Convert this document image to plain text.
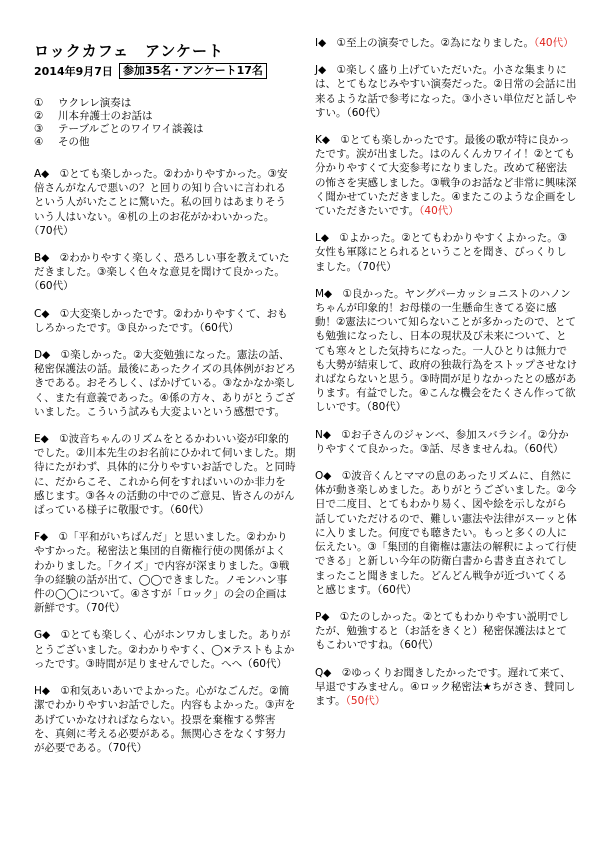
ロックカフェ　アンケート
2014年9月7日 参加35名・アンケート17名
①	ウクレレ演奏は
②	川本弁護士のお話は
③	テーブルごとのワイワイ談義は
④	その他

A◆　①とても楽しかった。②わかりやすかった。③安倍さんがなんで悪いの？と回りの知り合いに言われるという人がいたことに驚いた。私の回りはあまりそういう人はいない。④机の上のお花がかわいかった。（70代）

B◆　②わかりやすく楽しく、恐ろしい事を教えていただきました。③楽しく色々な意見を聞けて良かった。（60代）

C◆　①大変楽しかったです。②わかりやすくて、おもしろかったです。③良かったです。（60代）

D◆　①楽しかった。②大変勉強になった。憲法の話、秘密保護法の話。最後にあったクイズの具体例がおどろきである。おそろしく、ばかげている。③なかなか楽しく、また有意義であった。④係の方々、ありがとうございました。こういう試みも大変よいという感想です。

E◆　①波音ちゃんのリズムをとるかわいい姿が印象的でした。②川本先生のお名前にひかれて伺いました。期待にたがわず、具体的に分りやすいお話でした。と同時に、だからこそ、これから何をすればいいのか非力を感じます。③各々の活動の中でのご意見、皆さんのがんばっている様子に敬服です。（60代）

F◆　①「平和がいちばんだ」と思いました。②わかりやすかった。秘密法と集団的自衛権行使の関係がよくわかりました。「クイズ」で内容が深まりました。③戦争の経験の話が出て、◯◯できました。ノモンハン事件の◯◯について。④さすが「ロック」の会の企画は新鮮です。（70代）

G◆　①とても楽しく、心がホンワカしました。ありがとうございました。②わかりやすく、◯×テストもよかったです。③時間が足りませんでした。へへ（60代）

H◆　①和気あいあいでよかった。心がなごんだ。②簡潔でわかりやすいお話でした。内容もよかった。③声をあげていかなければならない。投票を棄権する弊害を、真剣に考える必要がある。無関心さをなくす努力が必要である。（70代）

I◆　①至上の演奏でした。②為になりました。（40代）

J◆　①楽しく盛り上げていただいた。小さな集まりには、とてもなじみやすい演奏だった。②日常の会話に出来るような話で参考になった。③小さい単位だと話しやすい。（60代）

K◆　①とても楽しかったです。最後の歌が特に良かったです。涙が出ました。はのんくんカワイイ！②とても分かりやすくて大変参考になりました。改めて秘密法の怖さを実感しました。③戦争のお話など非常に興味深く聞かせていただきました。④またこのような企画をしていただきたいです。（40代）

L◆　①よかった。②とてもわかりやすくよかった。③女性も軍隊にとられるということを聞き、びっくりしました。（70代）

M◆　①良かった。ヤングパーカッショニストのハノンちゃんが印象的！お母様の一生懸命生きてる姿に感動！②憲法について知らないことが多かったので、とても勉強になったし、日本の現状及び未来について、とても寒々とした気持ちになった。一人ひとりは無力でも大勢が結束して、政府の独裁行為をストップさせなければならないと思う。③時間が足りなかったとの感があります。有益でした。④こんな機会をたくさん作って欲しいです。（80代）

N◆　①お子さんのジャンベ、参加スバラシイ。②分かりやすくて良かった。③話、尽きませんね。（60代）

O◆　①波音くんとママの息のあったリズムに、自然に体が動き楽しめました。ありがとうございました。②今日で二度目、とてもわかり易く、図や絵を示しながら話していただけるので、難しい憲法や法律がスーッと体に入りました。何度でも聴きたい。もっと多くの人に伝えたい。③「集団的自衛権は憲法の解釈によって行使できる」と新しい今年の防衛白書から書き直されてしまったこと聞きました。どんどん戦争が近づいてくると感じます。（60代）

P◆　①たのしかった。②とてもわかりやすい説明でしたが、勉強すると（お話をきくと）秘密保護法はとてもこわいですね。（60代）

Q◆　②ゆっくりお聞きしたかったです。遅れて来て、早退ですみません。④ロック秘密法★ちがさき、賛同します。（50代）
